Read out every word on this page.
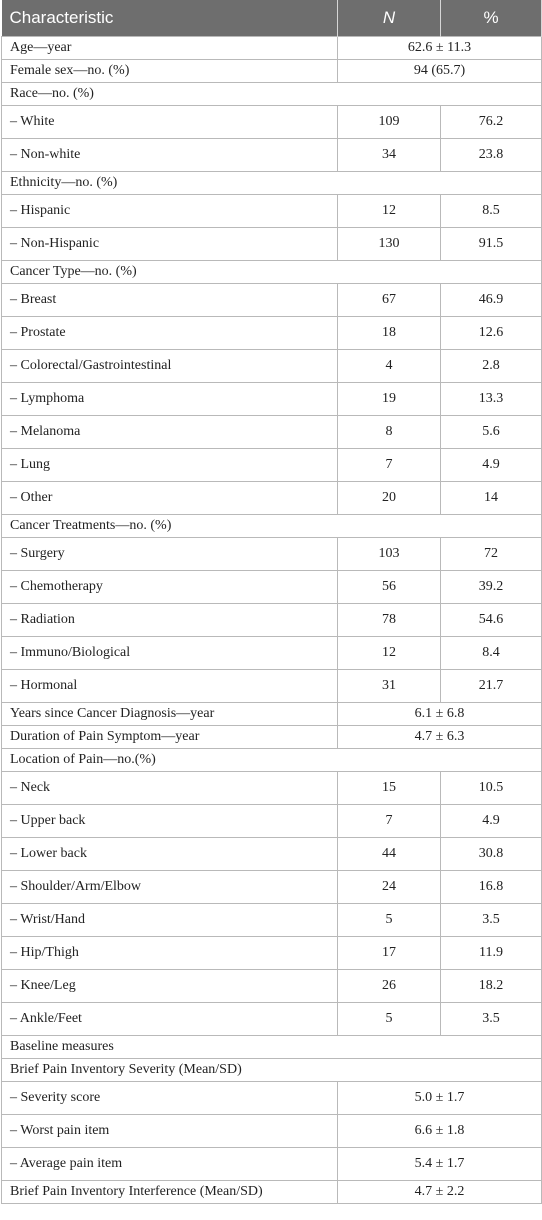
Characteristic	N	%
Age—year	62.6 ± 11.3	
Female sex—no. (%)	94 (65.7)	
Race—no. (%)		
– White	109	76.2
– Non-white	34	23.8
Ethnicity—no. (%)		
– Hispanic	12	8.5
– Non-Hispanic	130	91.5
Cancer Type—no. (%)		
– Breast	67	46.9
– Prostate	18	12.6
– Colorectal/Gastrointestinal	4	2.8
– Lymphoma	19	13.3
– Melanoma	8	5.6
– Lung	7	4.9
– Other	20	14
Cancer Treatments—no. (%)		
– Surgery	103	72
– Chemotherapy	56	39.2
– Radiation	78	54.6
– Immuno/Biological	12	8.4
– Hormonal	31	21.7
Years since Cancer Diagnosis—year	6.1 ± 6.8	
Duration of Pain Symptom—year	4.7 ± 6.3	
Location of Pain—no.(%)		
– Neck	15	10.5
– Upper back	7	4.9
– Lower back	44	30.8
– Shoulder/Arm/Elbow	24	16.8
– Wrist/Hand	5	3.5
– Hip/Thigh	17	11.9
– Knee/Leg	26	18.2
– Ankle/Feet	5	3.5
Baseline measures		
Brief Pain Inventory Severity (Mean/SD)		
– Severity score	5.0 ± 1.7	
– Worst pain item	6.6 ± 1.8	
– Average pain item	5.4 ± 1.7	
Brief Pain Inventory Interference (Mean/SD)	4.7 ± 2.2	
